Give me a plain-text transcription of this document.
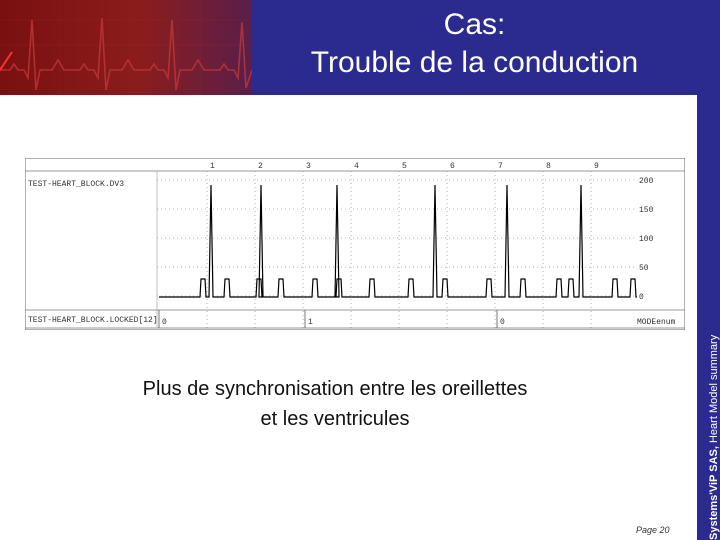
Cas:
Trouble de la conduction
Systems'ViP SAS, Heart Model summary
1	2	3	4	5	6	7	8	9
200
150
100
50
0
TEST-HEART_BLOCK.DV3
TEST-HEART_BLOCK.LOCKED[12]	MODEenum
0	1	0
Plus de synchronisation entre les oreillettes
et les ventricules
Page 20
